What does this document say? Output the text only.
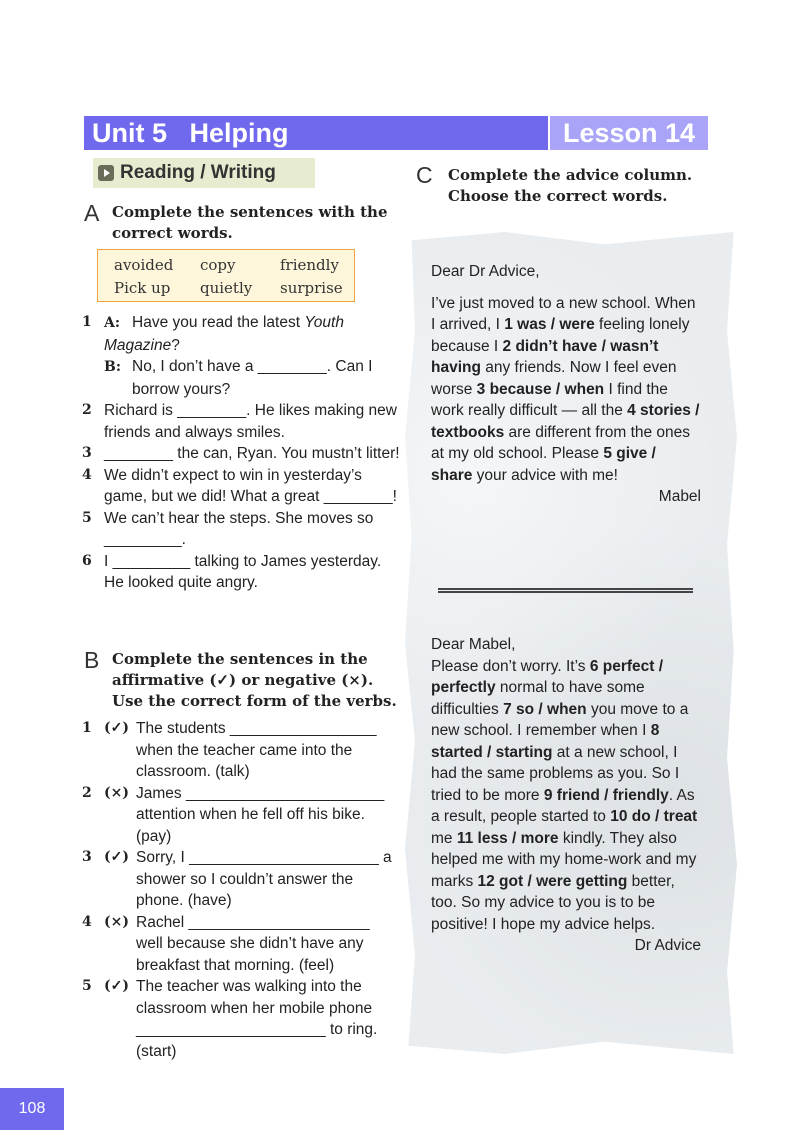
Unit 5   Helping	Lesson 14
Reading / Writing
A Complete the sentences with the correct words.
avoided	copy	friendly
Pick up	quietly	surprise
1 A: Have you read the latest Youth Magazine?
B: No, I don’t have a ________. Can I borrow yours?
2 Richard is ________. He likes making new friends and always smiles.
3 ________ the can, Ryan. You mustn’t litter!
4 We didn’t expect to win in yesterday’s game, but we did! What a great ________!
5 We can’t hear the steps. She moves so _________.
6 I _________ talking to James yesterday. He looked quite angry.
B Complete the sentences in the affirmative (✓) or negative (×). Use the correct form of the verbs.
1 (✓) The students _________________ when the teacher came into the classroom. (talk)
2 (×) James _______________________ attention when he fell off his bike. (pay)
3 (✓) Sorry, I ______________________ a shower so I couldn’t answer the phone. (have)
4 (×) Rachel _____________________ well because she didn’t have any breakfast that morning. (feel)
5 (✓) The teacher was walking into the classroom when her mobile phone ______________________ to ring. (start)
C Complete the advice column. Choose the correct words.

Dear Dr Advice,

I’ve just moved to a new school. When I arrived, I 1 was / were feeling lonely because I 2 didn’t have / wasn’t having any friends. Now I feel even worse 3 because / when I find the work really difficult — all the 4 stories / textbooks are different from the ones at my old school. Please 5 give / share your advice with me!

Mabel

Dear Mabel,

Please don’t worry. It’s 6 perfect / perfectly normal to have some difficulties 7 so / when you move to a new school. I remember when I 8 started / starting at a new school, I had the same problems as you. So I tried to be more 9 friend / friendly. As a result, people started to 10 do / treat me 11 less / more kindly. They also helped me with my home-work and my marks 12 got / were getting better, too. So my advice to you is to be positive! I hope my advice helps.

Dr Advice

108
